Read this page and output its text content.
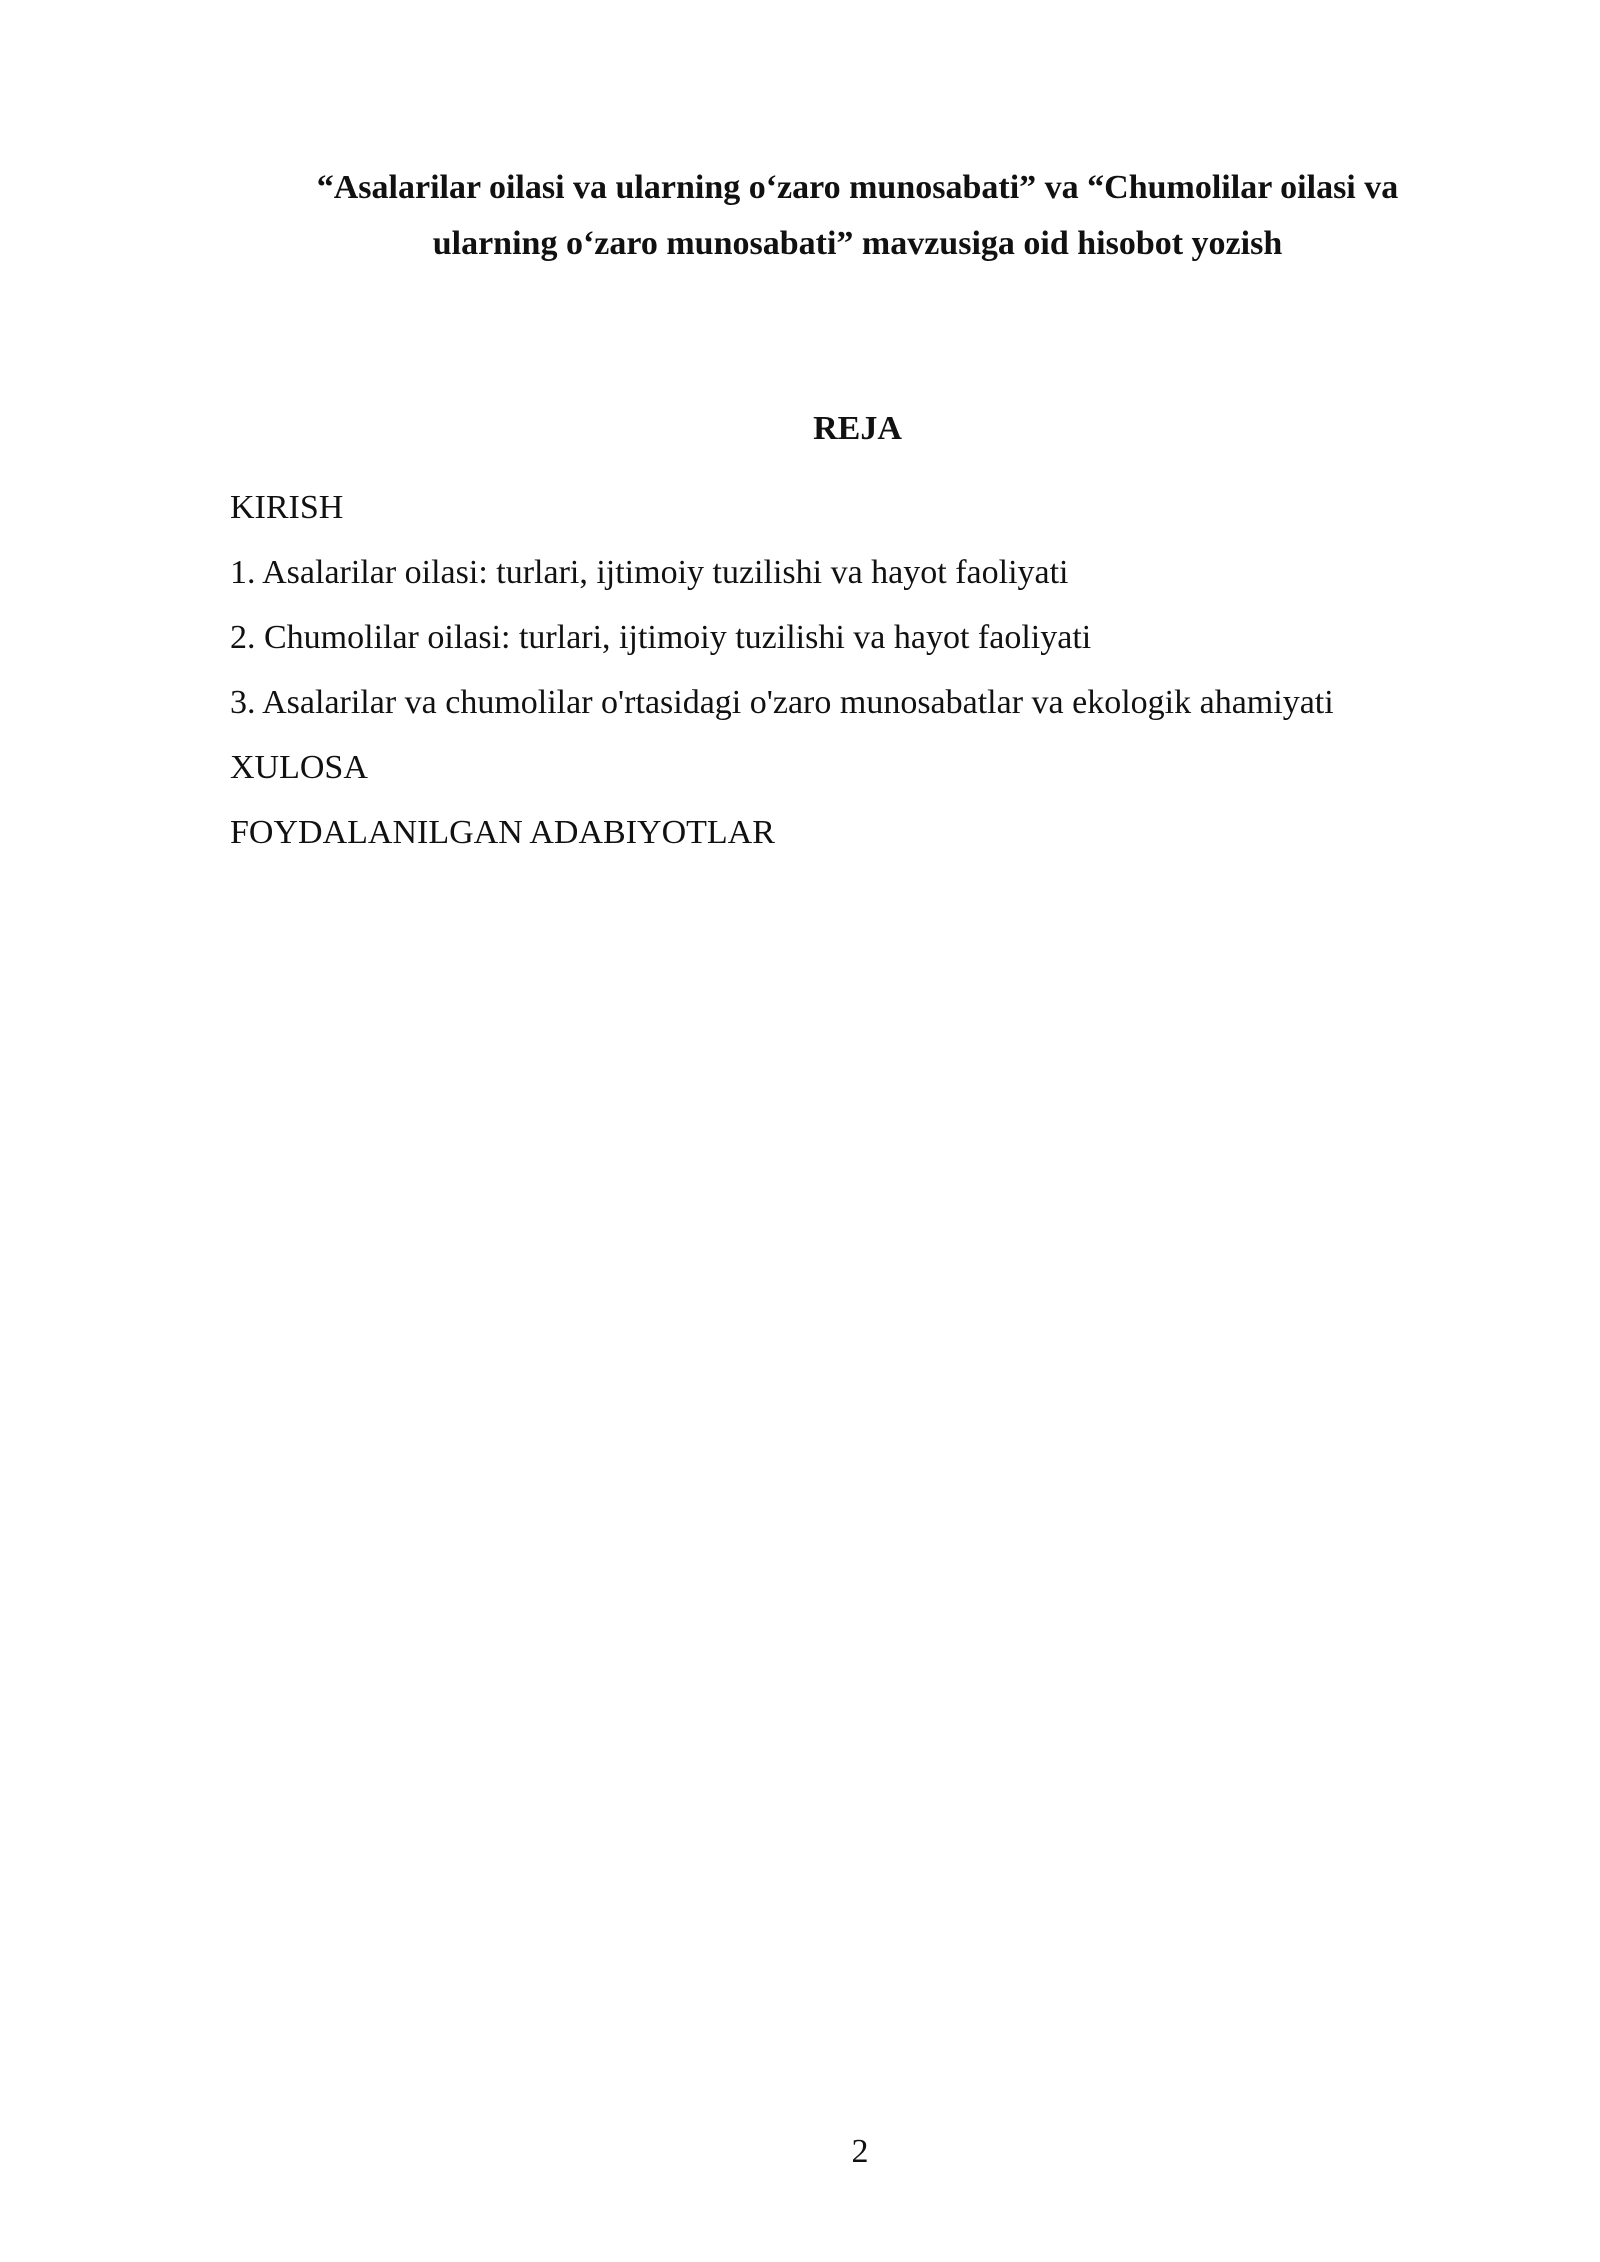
“Asalarilar oilasi va ularning o‘zaro munosabati” va “Chumolilar oilasi va
ularning o‘zaro munosabati” mavzusiga oid hisobot yozish
REJA
KIRISH
1. Asalarilar oilasi: turlari, ijtimoiy tuzilishi va hayot faoliyati
2. Chumolilar oilasi: turlari, ijtimoiy tuzilishi va hayot faoliyati
3. Asalarilar va chumolilar o'rtasidagi o'zaro munosabatlar va ekologik ahamiyati
XULOSA
FOYDALANILGAN ADABIYOTLAR
2
